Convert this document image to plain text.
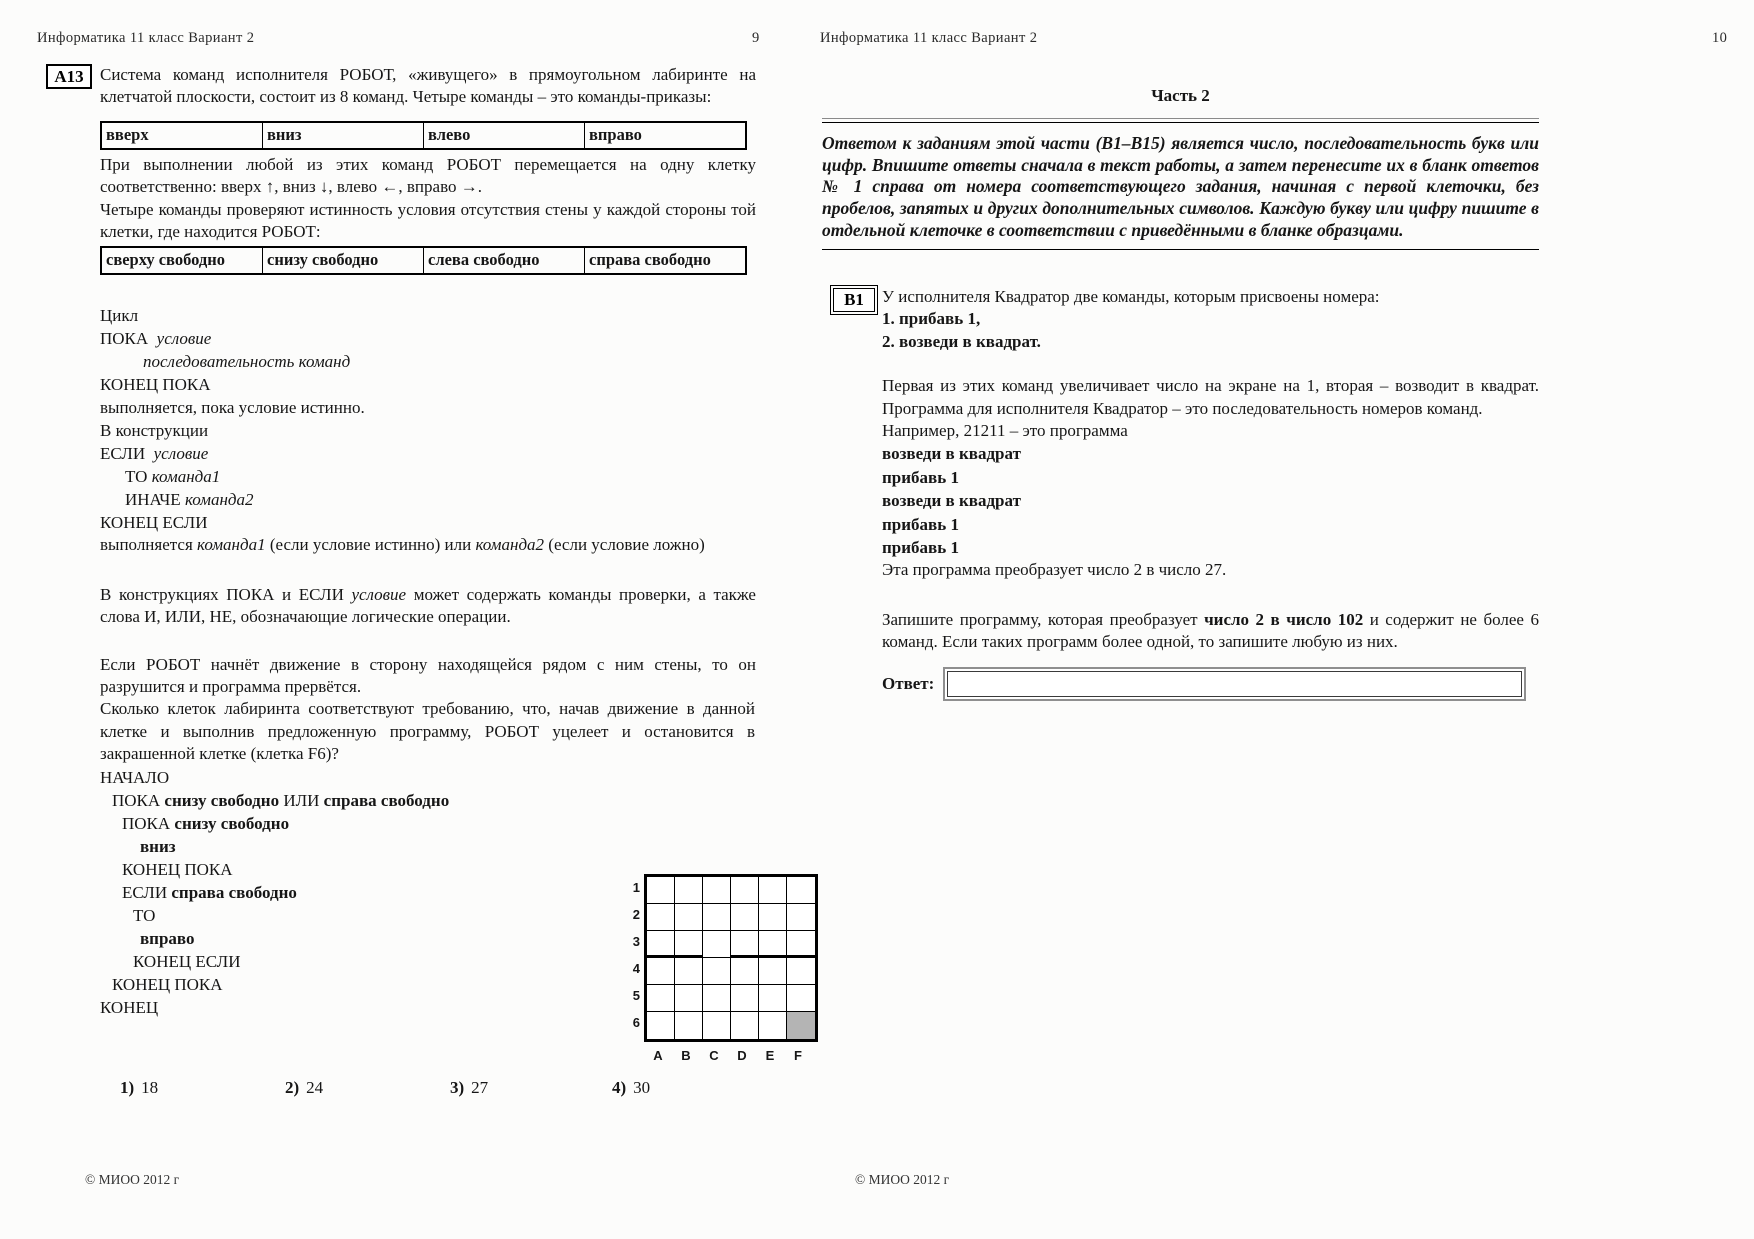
Информатика 11 класс Вариант 2	9
А13 Система команд исполнителя РОБОТ, «живущего» в прямоугольном лабиринте на клетчатой плоскости, состоит из 8 команд. Четыре команды – это команды-приказы:

вверх	вниз	влево	вправо

При выполнении любой из этих команд РОБОТ перемещается на одну клетку соответственно: вверх ↑, вниз ↓, влево ←, вправо →.

Четыре команды проверяют истинность условия отсутствия стены у каждой стороны той клетки, где находится РОБОТ:

сверху свободно	снизу свободно	слева свободно	справа свободно
Цикл
ПОКА  условие
последовательность команд
КОНЕЦ ПОКА
выполняется, пока условие истинно.
В конструкции
ЕСЛИ  условие
ТО команда1
ИНАЧЕ команда2
КОНЕЦ ЕСЛИ

выполняется команда1 (если условие истинно) или команда2 (если условие ложно)

В конструкциях ПОКА и ЕСЛИ условие может содержать команды проверки, а также слова И, ИЛИ, НЕ, обозначающие логические операции.

Если РОБОТ начнёт движение в сторону находящейся рядом с ним стены, то он разрушится и программа прервётся.

Сколько клеток лабиринта соответствуют требованию, что, начав движение в данной клетке и выполнив предложенную программу, РОБОТ уцелеет и остановится в закрашенной клетке (клетка F6)?

НАЧАЛО
ПОКА снизу свободно ИЛИ справа свободно
ПОКА снизу свободно
вниз
КОНЕЦ ПОКА
ЕСЛИ справа свободно
ТО
вправо
КОНЕЦ ЕСЛИ
КОНЕЦ ПОКА
КОНЕЦ
1
2
3
4
5
6
A	B	C	D	E	F
1) 18	2) 24	3) 27	4) 30
© МИОО 2012 г
Информатика 11 класс Вариант 2	10

Часть 2

Ответом к заданиям этой части (В1–В15) является число, последовательность букв или цифр. Впишите ответы сначала в текст работы, а затем перенесите их в бланк ответов № 1 справа от номера соответствующего задания, начиная с первой клеточки, без пробелов, запятых и других дополнительных символов. Каждую букву или цифру пишите в отдельной клеточке в соответствии с приведёнными в бланке образцами.

В1	У исполнителя Квадратор две команды, которым присвоены номера:

1. прибавь 1,
2. возведи в квадрат.

Первая из этих команд увеличивает число на экране на 1, вторая – возводит в квадрат. Программа для исполнителя Квадратор – это последовательность номеров команд.

Например, 21211 – это программа
возведи в квадрат
прибавь 1
возведи в квадрат
прибавь 1
прибавь 1
Эта программа преобразует число 2 в число 27.

Запишите программу, которая преобразует число 2 в число 102 и содержит не более 6 команд. Если таких программ более одной, то запишите любую из них.

Ответ:
© МИОО 2012 г
